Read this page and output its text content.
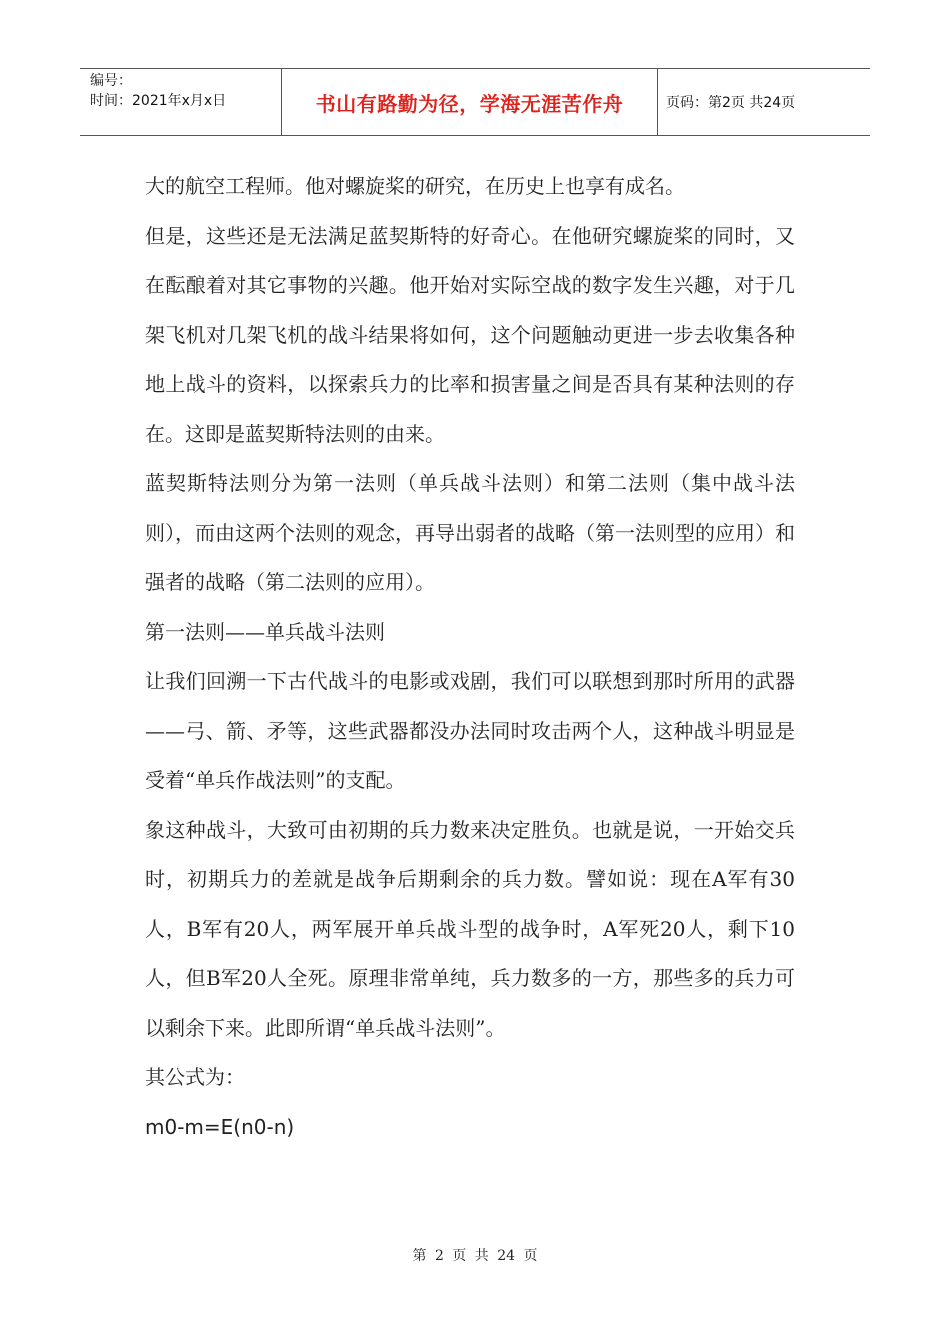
编号：
时间：2021年x月x日	书山有路勤为径，学海无涯苦作舟	页码：第2页 共24页

大的航空工程师。他对螺旋桨的研究，在历史上也享有成名。

但是，这些还是无法满足蓝契斯特的好奇心。在他研究螺旋桨的同时，又在酝酿着对其它事物的兴趣。他开始对实际空战的数字发生兴趣，对于几架飞机对几架飞机的战斗结果将如何，这个问题触动更进一步去收集各种地上战斗的资料，以探索兵力的比率和损害量之间是否具有某种法则的存在。这即是蓝契斯特法则的由来。

蓝契斯特法则分为第一法则（单兵战斗法则）和第二法则（集中战斗法则），而由这两个法则的观念，再导出弱者的战略（第一法则型的应用）和强者的战略（第二法则的应用）。

第一法则——单兵战斗法则

让我们回溯一下古代战斗的电影或戏剧，我们可以联想到那时所用的武器——弓、箭、矛等，这些武器都没办法同时攻击两个人，这种战斗明显是受着“单兵作战法则”的支配。

象这种战斗，大致可由初期的兵力数来决定胜负。也就是说，一开始交兵时，初期兵力的差就是战争后期剩余的兵力数。譬如说：现在A军有30人，B军有20人，两军展开单兵战斗型的战争时，A军死20人，剩下10人，但B军20人全死。原理非常单纯，兵力数多的一方，那些多的兵力可以剩余下来。此即所谓“单兵战斗法则”。

其公式为：

m0-m=E(n0-n)

第 2 页 共 24 页
